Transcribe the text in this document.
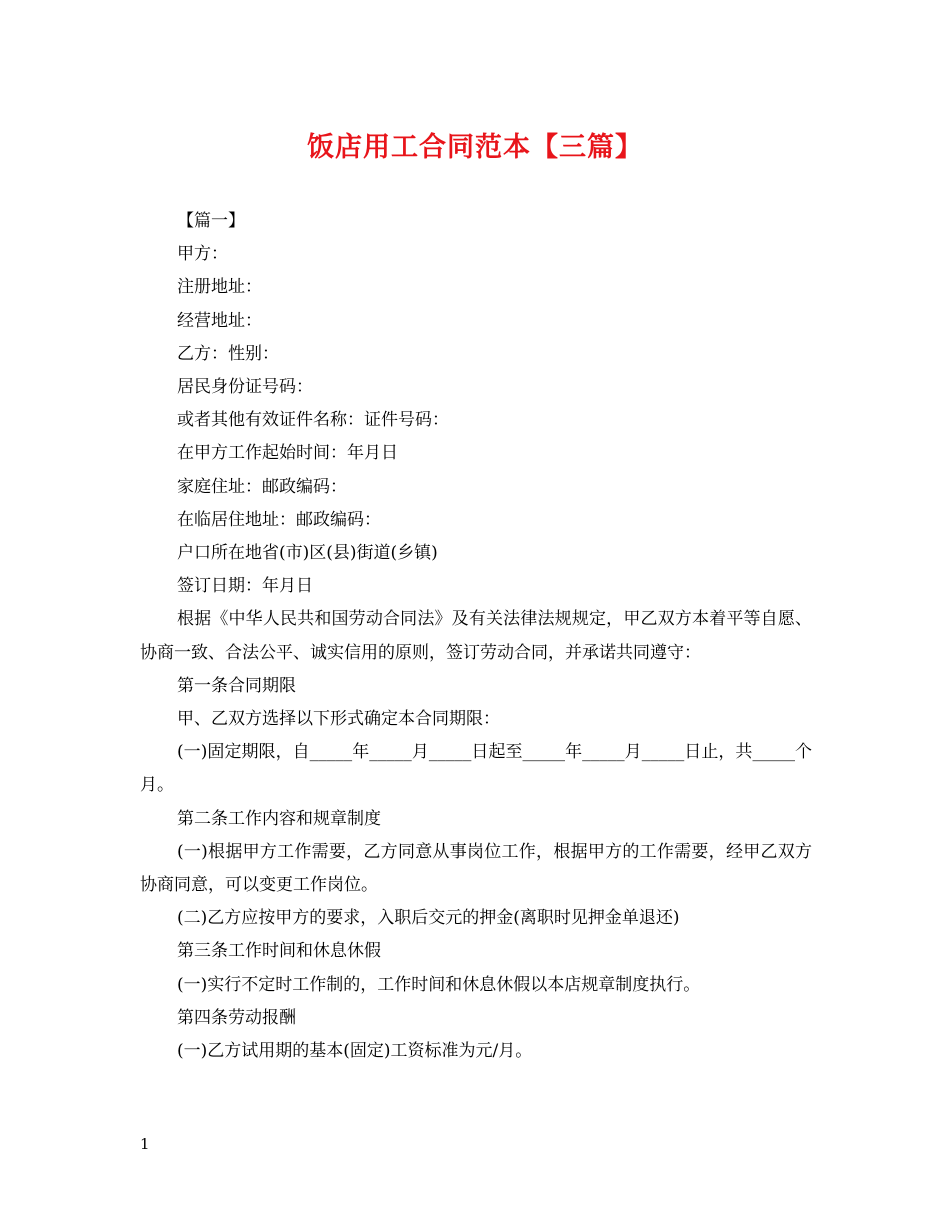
饭店用工合同范本【三篇】

【篇一】

甲方：

注册地址：

经营地址：

乙方：性别：

居民身份证号码：

或者其他有效证件名称：证件号码：

在甲方工作起始时间：年月日

家庭住址：邮政编码：

在临居住地址：邮政编码：

户口所在地省(市)区(县)街道(乡镇)

签订日期：年月日

根据《中华人民共和国劳动合同法》及有关法律法规规定，甲乙双方本着平等自愿、协商一致、合法公平、诚实信用的原则，签订劳动合同，并承诺共同遵守：

第一条合同期限

甲、乙双方选择以下形式确定本合同期限：

(一)固定期限，自_____年_____月_____日起至_____年_____月_____日止，共_____个月。

第二条工作内容和规章制度

(一)根据甲方工作需要，乙方同意从事岗位工作，根据甲方的工作需要，经甲乙双方协商同意，可以变更工作岗位。

(二)乙方应按甲方的要求，入职后交元的押金(离职时见押金单退还)

第三条工作时间和休息休假

(一)实行不定时工作制的，工作时间和休息休假以本店规章制度执行。

第四条劳动报酬

(一)乙方试用期的基本(固定)工资标准为元/月。

1
